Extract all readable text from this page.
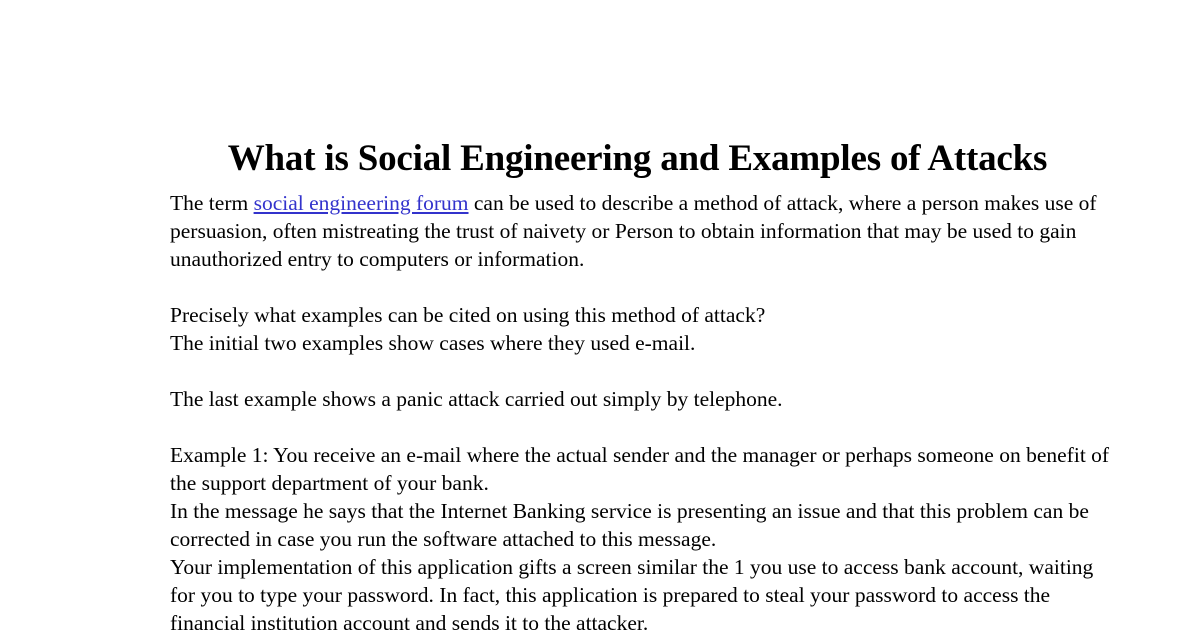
What is Social Engineering and Examples of Attacks

The term social engineering forum can be used to describe a method of attack, where a person makes use of persuasion, often mistreating the trust of naivety or Person to obtain information that may be used to gain unauthorized entry to computers or information.

Precisely what examples can be cited on using this method of attack?
The initial two examples show cases where they used e-mail.

The last example shows a panic attack carried out simply by telephone.

Example 1: You receive an e-mail where the actual sender and the manager or perhaps someone on benefit of the support department of your bank.
In the message he says that the Internet Banking service is presenting an issue and that this problem can be corrected in case you run the software attached to this message.
Your implementation of this application gifts a screen similar the 1 you use to access bank account, waiting for you to type your password. In fact, this application is prepared to steal your password to access the financial institution account and sends it to the attacker.
